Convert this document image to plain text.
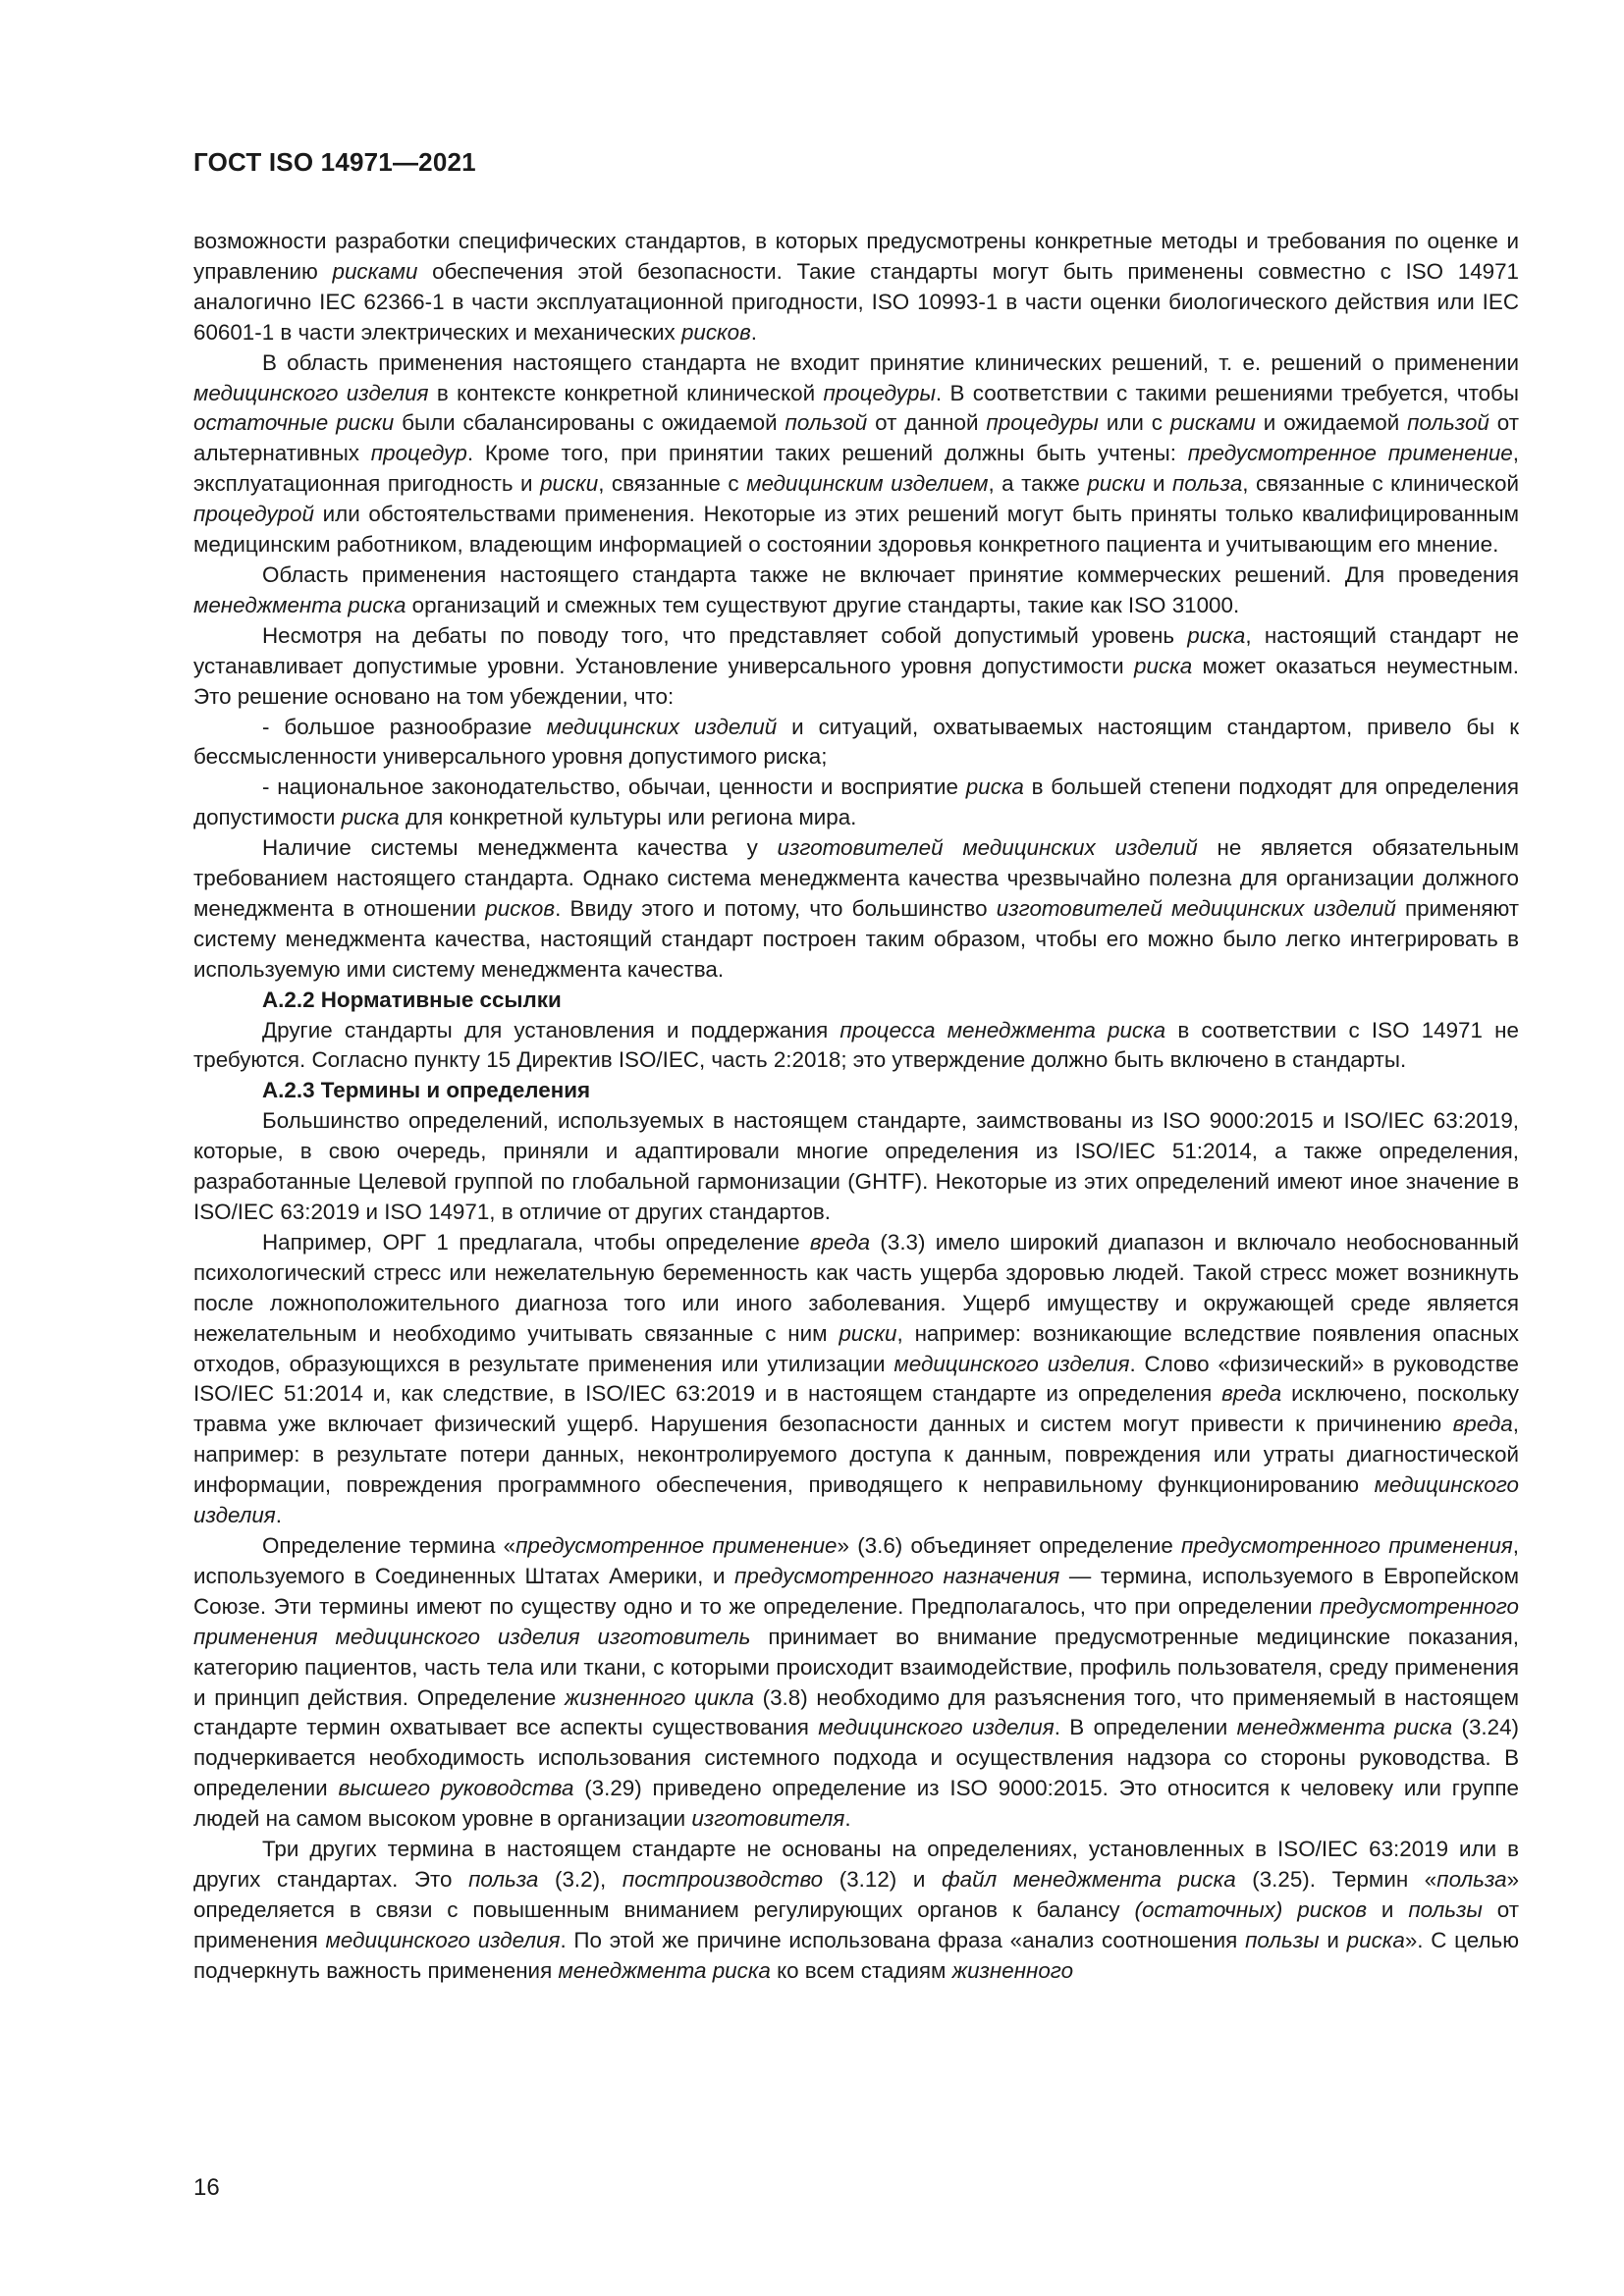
ГОСТ ISO 14971—2021

возможности разработки специфических стандартов, в которых предусмотрены конкретные методы и требования по оценке и управлению рисками обеспечения этой безопасности. Такие стандарты могут быть применены совместно с ISO 14971 аналогично IEC 62366-1 в части эксплуатационной пригодности, ISO 10993-1 в части оценки биологического действия или IEC 60601-1 в части электрических и механических рисков.

В область применения настоящего стандарта не входит принятие клинических решений, т. е. решений о применении медицинского изделия в контексте конкретной клинической процедуры. В соответствии с такими решениями требуется, чтобы остаточные риски были сбалансированы с ожидаемой пользой от данной процедуры или с рисками и ожидаемой пользой от альтернативных процедур. Кроме того, при принятии таких решений должны быть учтены: предусмотренное применение, эксплуатационная пригодность и риски, связанные с медицинским изделием, а также риски и польза, связанные с клинической процедурой или обстоятельствами применения. Некоторые из этих решений могут быть приняты только квалифицированным медицинским работником, владеющим информацией о состоянии здоровья конкретного пациента и учитывающим его мнение.

Область применения настоящего стандарта также не включает принятие коммерческих решений. Для проведения менеджмента риска организаций и смежных тем существуют другие стандарты, такие как ISO 31000.

Несмотря на дебаты по поводу того, что представляет собой допустимый уровень риска, настоящий стандарт не устанавливает допустимые уровни. Установление универсального уровня допустимости риска может оказаться неуместным. Это решение основано на том убеждении, что:

- большое разнообразие медицинских изделий и ситуаций, охватываемых настоящим стандартом, привело бы к бессмысленности универсального уровня допустимого риска;

- национальное законодательство, обычаи, ценности и восприятие риска в большей степени подходят для определения допустимости риска для конкретной культуры или региона мира.

Наличие системы менеджмента качества у изготовителей медицинских изделий не является обязательным требованием настоящего стандарта. Однако система менеджмента качества чрезвычайно полезна для организации должного менеджмента в отношении рисков. Ввиду этого и потому, что большинство изготовителей медицинских изделий применяют систему менеджмента качества, настоящий стандарт построен таким образом, чтобы его можно было легко интегрировать в используемую ими систему менеджмента качества.

А.2.2 Нормативные ссылки

Другие стандарты для установления и поддержания процесса менеджмента риска в соответствии с ISO 14971 не требуются. Согласно пункту 15 Директив ISO/IEC, часть 2:2018; это утверждение должно быть включено в стандарты.

А.2.3 Термины и определения

Большинство определений, используемых в настоящем стандарте, заимствованы из ISO 9000:2015 и ISO/IEC 63:2019, которые, в свою очередь, приняли и адаптировали многие определения из ISO/IEC 51:2014, а также определения, разработанные Целевой группой по глобальной гармонизации (GHTF). Некоторые из этих определений имеют иное значение в ISO/IEC 63:2019 и ISO 14971, в отличие от других стандартов.

Например, ОРГ 1 предлагала, чтобы определение вреда (3.3) имело широкий диапазон и включало необоснованный психологический стресс или нежелательную беременность как часть ущерба здоровью людей. Такой стресс может возникнуть после ложноположительного диагноза того или иного заболевания. Ущерб имуществу и окружающей среде является нежелательным и необходимо учитывать связанные с ним риски, например: возникающие вследствие появления опасных отходов, образующихся в результате применения или утилизации медицинского изделия. Слово «физический» в руководстве ISO/IEC 51:2014 и, как следствие, в ISO/IEC 63:2019 и в настоящем стандарте из определения вреда исключено, поскольку травма уже включает физический ущерб. Нарушения безопасности данных и систем могут привести к причинению вреда, например: в результате потери данных, неконтролируемого доступа к данным, повреждения или утраты диагностической информации, повреждения программного обеспечения, приводящего к неправильному функционированию медицинского изделия.

Определение термина «предусмотренное применение» (3.6) объединяет определение предусмотренного применения, используемого в Соединенных Штатах Америки, и предусмотренного назначения — термина, используемого в Европейском Союзе. Эти термины имеют по существу одно и то же определение. Предполагалось, что при определении предусмотренного применения медицинского изделия изготовитель принимает во внимание предусмотренные медицинские показания, категорию пациентов, часть тела или ткани, с которыми происходит взаимодействие, профиль пользователя, среду применения и принцип действия. Определение жизненного цикла (3.8) необходимо для разъяснения того, что применяемый в настоящем стандарте термин охватывает все аспекты существования медицинского изделия. В определении менеджмента риска (3.24) подчеркивается необходимость использования системного подхода и осуществления надзора со стороны руководства. В определении высшего руководства (3.29) приведено определение из ISO 9000:2015. Это относится к человеку или группе людей на самом высоком уровне в организации изготовителя.

Три других термина в настоящем стандарте не основаны на определениях, установленных в ISO/IEC 63:2019 или в других стандартах. Это польза (3.2), постпроизводство (3.12) и файл менеджмента риска (3.25). Термин «польза» определяется в связи с повышенным вниманием регулирующих органов к балансу (остаточных) рисков и пользы от применения медицинского изделия. По этой же причине использована фраза «анализ соотношения пользы и риска». С целью подчеркнуть важность применения менеджмента риска ко всем стадиям жизненного

16
